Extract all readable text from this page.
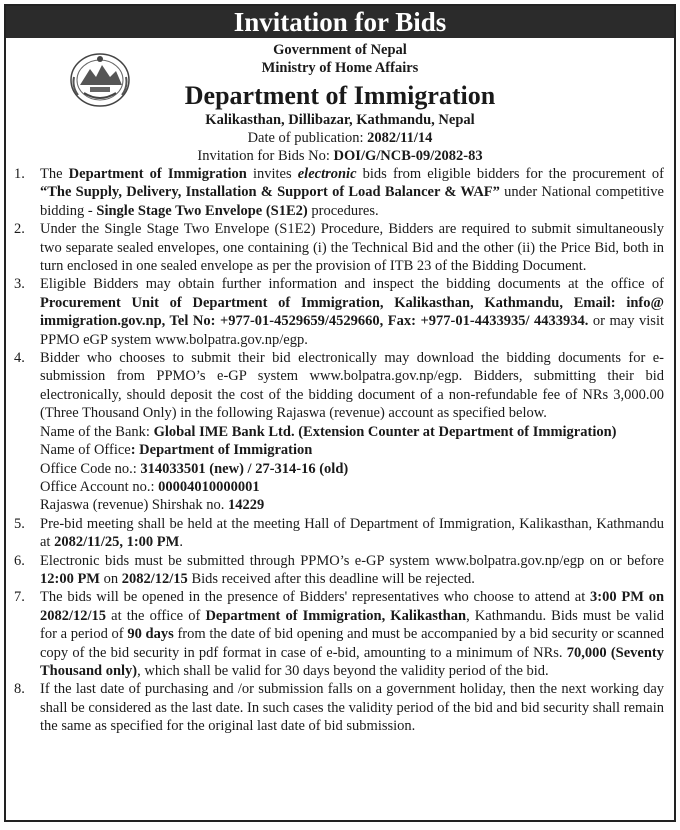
Invitation for Bids
Government of Nepal
Ministry of Home Affairs
Department of Immigration
Kalikasthan, Dillibazar, Kathmandu, Nepal
Date of publication: 2082/11/14
Invitation for Bids No: DOI/G/NCB-09/2082-83
1. The Department of Immigration invites electronic bids from eligible bidders for the procurement of “The Supply, Delivery, Installation & Support of Load Balancer & WAF” under National competitive bidding - Single Stage Two Envelope (S1E2) procedures.
2. Under the Single Stage Two Envelope (S1E2) Procedure, Bidders are required to submit simultaneously two separate sealed envelopes, one containing (i) the Technical Bid and the other (ii) the Price Bid, both in turn enclosed in one sealed envelope as per the provision of ITB 23 of the Bidding Document.
3. Eligible Bidders may obtain further information and inspect the bidding documents at the office of Procurement Unit of Department of Immigration, Kalikasthan, Kathmandu, Email: info@ immigration.gov.np, Tel No: +977-01-4529659/4529660, Fax: +977-01-4433935/ 4433934. or may visit PPMO eGP system www.bolpatra.gov.np/egp.
4. Bidder who chooses to submit their bid electronically may download the bidding documents for e-submission from PPMO’s e-GP system www.bolpatra.gov.np/egp. Bidders, submitting their bid electronically, should deposit the cost of the bidding document of a non-refundable fee of NRs 3,000.00 (Three Thousand Only) in the following Rajaswa (revenue) account as specified below.
Name of the Bank: Global IME Bank Ltd. (Extension Counter at Department of Immigration)
Name of Office: Department of Immigration
Office Code no.: 314033501 (new) / 27-314-16 (old)
Office Account no.: 00004010000001
Rajaswa (revenue) Shirshak no. 14229
5. Pre-bid meeting shall be held at the meeting Hall of Department of Immigration, Kalikasthan, Kathmandu at 2082/11/25, 1:00 PM.
6. Electronic bids must be submitted through PPMO’s e-GP system www.bolpatra.gov.np/egp on or before 12:00 PM on 2082/12/15 Bids received after this deadline will be rejected.
7. The bids will be opened in the presence of Bidders' representatives who choose to attend at 3:00 PM on 2082/12/15 at the office of Department of Immigration, Kalikasthan, Kathmandu. Bids must be valid for a period of 90 days from the date of bid opening and must be accompanied by a bid security or scanned copy of the bid security in pdf format in case of e-bid, amounting to a minimum of NRs. 70,000 (Seventy Thousand only), which shall be valid for 30 days beyond the validity period of the bid.
8. If the last date of purchasing and /or submission falls on a government holiday, then the next working day shall be considered as the last date. In such cases the validity period of the bid and bid security shall remain the same as specified for the original last date of bid submission.
